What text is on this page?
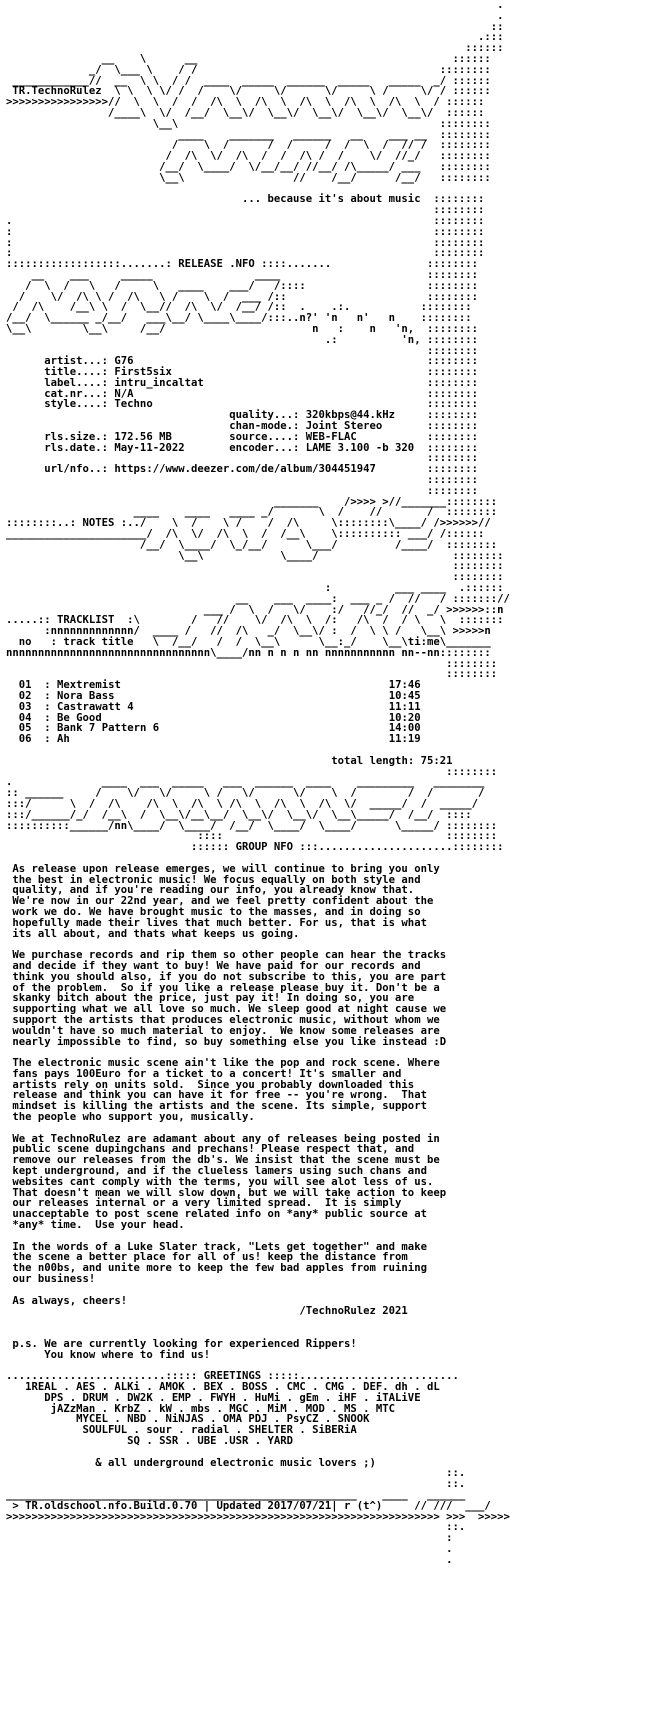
.
.
::
.:::
::::::
__    \      __                                        ::::::
_/  \___ \    / /                                      ::::::::
____________//  __  \ \  / /  ____  _____  ______  _____   _____  _/ ::::::
TR.TechnoRulez  \ \  \ \/ /  /    \/     \/      \/     \ /     \/ / ::::::
>>>>>>>>>>>>>>>>//  \  \  /  /  /\  \  /\  \  /\  \  /\  \  /\  \  / ::::::
/____\  \/  /__/  \__\/  \__\/  \__\/  \__\/  \__\/  ::::::
\__\                                         ::::::::
____    _______   ______   __    ___ __  ::::::::
/    \  /      /  /     /  /  \  /  // /  ::::::::
/  /\  \/  /\  /  /  /\ /  /    \/  //_/   ::::::::
/__/  \____/  \/__/__/ //__/ /\_____/ ___   ::::::::
\__\                 //    /__/      /__/   ::::::::
... because it's about music  ::::::::
::::::::
.                                                                  ::::::::
:                                                                  ::::::::
:                                                                  ::::::::
:                                                                  ::::::::
::::::::::::::::::.......: RELEASE .NFO ::::.......               ::::::::
__    ___     _____                ____                       ::::::::
/  \  /   \   /     \   ____    ___/   /::::                   ::::::::
/    \/  /\ \ /  /\   \ /    \  /  ___ /::                      ::::::::
/  /\    /__\ \  /  \__//  /\  \/  /__/ /::  .    .:.           ::::::::
/__/  \______ _/__/   ___\__/ \____\____/:::..n?' 'n   n'   n    ::::::::
\__\        \__\     /__/                       n   :    n   'n,  ::::::::
.:          'n, ::::::::
::::::::
artist...: G76                                              ::::::::
title....: First5six                                        ::::::::
label....: intru_incaltat                                   ::::::::
cat.nr...: N/A                                              ::::::::
style....: Techno                                           ::::::::
quality...: 320kbps@44.kHz     ::::::::
chan-mode.: Joint Stereo       ::::::::
rls.size.: 172.56 MB         source....: WEB-FLAC           ::::::::
rls.date.: May-11-2022       encoder...: LAME 3.100 -b 320  ::::::::
::::::::
url/nfo..: https://www.deezer.com/de/album/304451947        ::::::::
::::::::
::::::::
_______    />>>> >//_______::::::::
____    ____   ____ _/       \  /    //       /  ::::::::
::::::::..: NOTES :../    \  /    \ /    /  /\     \::::::::\____/ />>>>>>//
______________________/  /\  \/  /\  \  /  /__\    \:::::::::: ___/ /::::::
/__/  \____/  \_/__/      \___/         /____/  ::::::::
\__\            \____/                     ::::::::
::::::::
::::::::
:          ___ ____  .::::::
__    ___  ____:  ___ _ /  //   / ::::::://
___ /  \  /   \/    :/   //_/  //  _/ >>>>>>::n
.....:: TRACKLIST  :\        /   //    \/  /\  \  /:   /\  /  / \   \  :::::::
:nnnnnnnnnnnnn/  ____ /   //  /\   _/  \__\/ :  /  \ \ /   \__\ >>>>>n
no   : track title   \  /__/   /  /  \__\      \__:_/    \__\ti:me\_______
nnnnnnnnnnnnnnnnnnnnnnnnnnnnnnnn\____/nn n n n nn nnnnnnnnnnn nn--nn::::::::
::::::::
::::::::
01  : Mextremist	17:46
02  : Nora Bass	10:45
03  : Castrawatt 4	11:11
04  : Be Good	10:20
05  : Bank 7 Pattern 6	14:00
06  : Ah	11:19
total length: 75:21
::::::::
.              ____  ___  _____   ___  ______  ____    _________   ________
:: ______     /    \/   \/     \ /   \/      \/    \  /        /  /       /
:::/      \  /  /\    /\  \  /\  \ /\  \  /\  \  /\  \/  _____/  /  _____/
:::/______/_/  /__\  /  \__\/__\__/  \__\/  \__\/  \__\_____/  /__/  ::::
::::::::::______/nn\____/  \____/  /__/  \____/  \____/      \_____/ ::::::::
::::                                   ::::::::
:::::: GROUP NFO :::.....................::::::::
As release upon release emerges, we will continue to bring you only
the best in electronic music! We focus equally on both style and
quality, and if you're reading our info, you already know that.
We're now in our 22nd year, and we feel pretty confident about the
work we do. We have brought music to the masses, and in doing so
hopefully made their lives that much better. For us, that is what
its all about, and thats what keeps us going.
We purchase records and rip them so other people can hear the tracks
and decide if they want to buy! We have paid for our records and
think you should also, if you do not subscribe to this, you are part
of the problem.  So if you like a release please buy it. Don't be a
skanky bitch about the price, just pay it! In doing so, you are
supporting what we all love so much. We sleep good at night cause we
support the artists that produces electronic music, without whom we
wouldn't have so much material to enjoy.  We know some releases are
nearly impossible to find, so buy something else you like instead :D
The electronic music scene ain't like the pop and rock scene. Where
fans pays 100Euro for a ticket to a concert! It's smaller and
artists rely on units sold.  Since you probably downloaded this
release and think you can have it for free -- you're wrong.  That
mindset is killing the artists and the scene. Its simple, support
the people who support you, musically.
We at TechnoRulez are adamant about any of releases being posted in
public scene dupingchans and prechans! Please respect that, and
remove our releases from the db's. We insist that the scene must be
kept underground, and if the clueless lamers using such chans and
websites cant comply with the terms, you will see alot less of us.
That doesn't mean we will slow down, but we will take action to keep
our releases internal or a very limited spread.  It is simply
unacceptable to post scene related info on *any* public source at
*any* time.  Use your head.
In the words of a Luke Slater track, "Lets get together" and make
the scene a better place for all of us! keep the distance from
the n00bs, and unite more to keep the few bad apples from ruining
our business!
As always, cheers!
/TechnoRulez 2021
p.s. We are currently looking for experienced Rippers!
You know where to find us!
.........................::::: GREETINGS :::::.........................
1REAL . AES . ALKi . AMOK . BEX . BOSS . CMC . CMG . DEF. dh . dL
DPS . DRUM . DW2K . EMP . FWYH . HuMi . gEm . iHF . iTALiVE
jAZzMan . KrbZ . kW . mbs . MGC . MiM . MOD . MS . MTC
MYCEL . NBD . NiNJAS . OMA PDJ . PsyCZ . SNOOK
SOULFUL . sour . radial . SHELTER . SiBERiA
SQ . SSR . UBE .USR . YARD
& all underground electronic music lovers ;)
::.
::.
_______________________________________________________    ____   ______
> TR.oldschool.nfo.Build.0.70 | Updated 2017/07/21| r (t^)     // ///  ___/
>>>>>>>>>>>>>>>>>>>>>>>>>>>>>>>>>>>>>>>>>>>>>>>>>>>>>>>>>>>>>>>>>>>> >>>  >>>>>
::.
:
.
.
